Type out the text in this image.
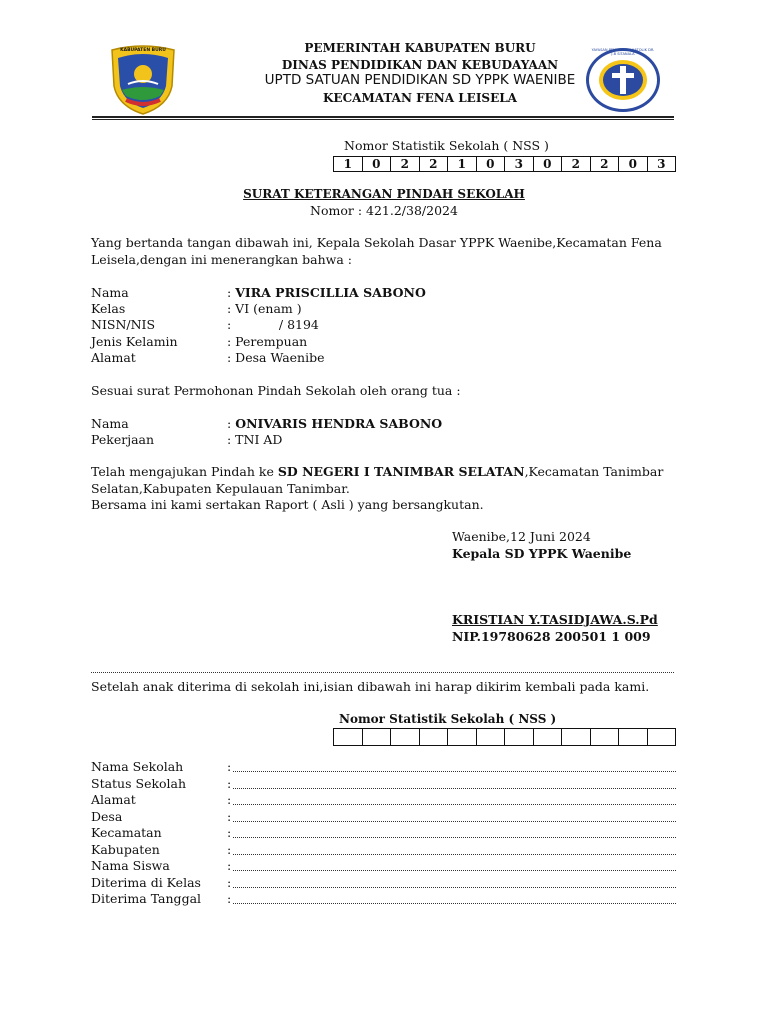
KABUPATEN BURU	PEMERINTAH KABUPATEN BURU
DINAS PENDIDIKAN DAN KEBUDAYAAN
UPTD SATUAN PENDIDIKAN SD YPPK WAENIBE
KECAMATAN FENA LEISELA
YAYASAN PENDIDIKAN KATOLIK DR. J.B SITANALA
Nomor Statistik Sekolah ( NSS )
1	0	2	2	1	0	3	0	2	2	0	3
SURAT KETERANGAN PINDAH SEKOLAH
Nomor : 421.2/38/2024
Yang bertanda tangan dibawah ini, Kepala Sekolah Dasar YPPK Waenibe,Kecamatan Fena Leisela,dengan ini menerangkan bahwa :
Nama	: VIRA PRISCILLIA SABONO
Kelas	: VI (enam )
NISN/NIS	:            / 8194
Jenis Kelamin	: Perempuan
Alamat	: Desa Waenibe
Sesuai surat Permohonan Pindah Sekolah oleh orang tua :
Nama	: ONIVARIS HENDRA SABONO
Pekerjaan	: TNI AD
Telah mengajukan Pindah ke SD NEGERI I TANIMBAR SELATAN,Kecamatan Tanimbar Selatan,Kabupaten Kepulauan Tanimbar.
Bersama ini kami sertakan Raport ( Asli ) yang bersangkutan.
Waenibe,12 Juni 2024
Kepala SD YPPK Waenibe
KRISTIAN Y.TASIDJAWA.S.Pd
NIP.19780628 200501 1 009
Setelah anak diterima di sekolah ini,isian dibawah ini harap dikirim kembali pada kami.
Nomor Statistik Sekolah ( NSS )
Nama Sekolah	:
Status Sekolah	:
Alamat	:
Desa	:
Kecamatan	:
Kabupaten	:
Nama Siswa	:
Diterima di Kelas :
Diterima Tanggal :
